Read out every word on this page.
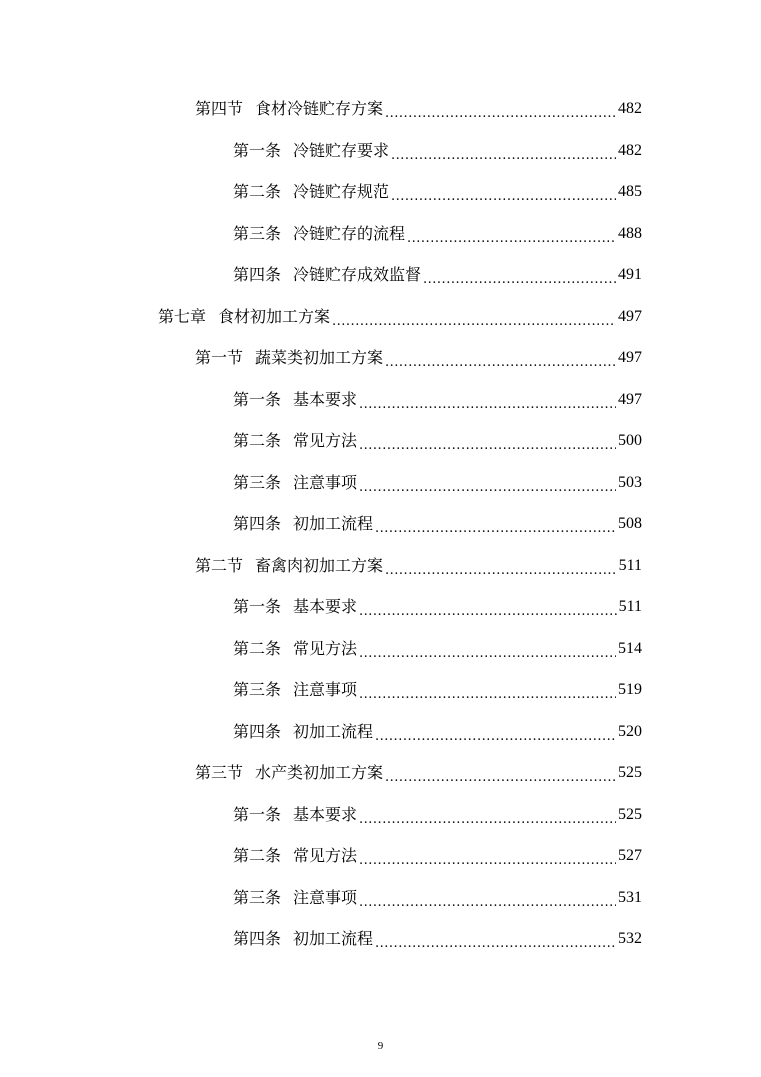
第四节 食材冷链贮存方案 .....	482
第一条 冷链贮存要求 .....	482
第二条 冷链贮存规范 .....	485
第三条 冷链贮存的流程 .....	488
第四条 冷链贮存成效监督 .....	491
第七章 食材初加工方案 .....	497
第一节 蔬菜类初加工方案 .....	497
第一条 基本要求 .....	497
第二条 常见方法 .....	500
第三条 注意事项 .....	503
第四条 初加工流程 .....	508
第二节 畜禽肉初加工方案 .....	511
第一条 基本要求 .....	511
第二条 常见方法 .....	514
第三条 注意事项 .....	519
第四条 初加工流程 .....	520
第三节 水产类初加工方案 .....	525
第一条 基本要求 .....	525
第二条 常见方法 .....	527
第三条 注意事项 .....	531
第四条 初加工流程 .....	532
9
